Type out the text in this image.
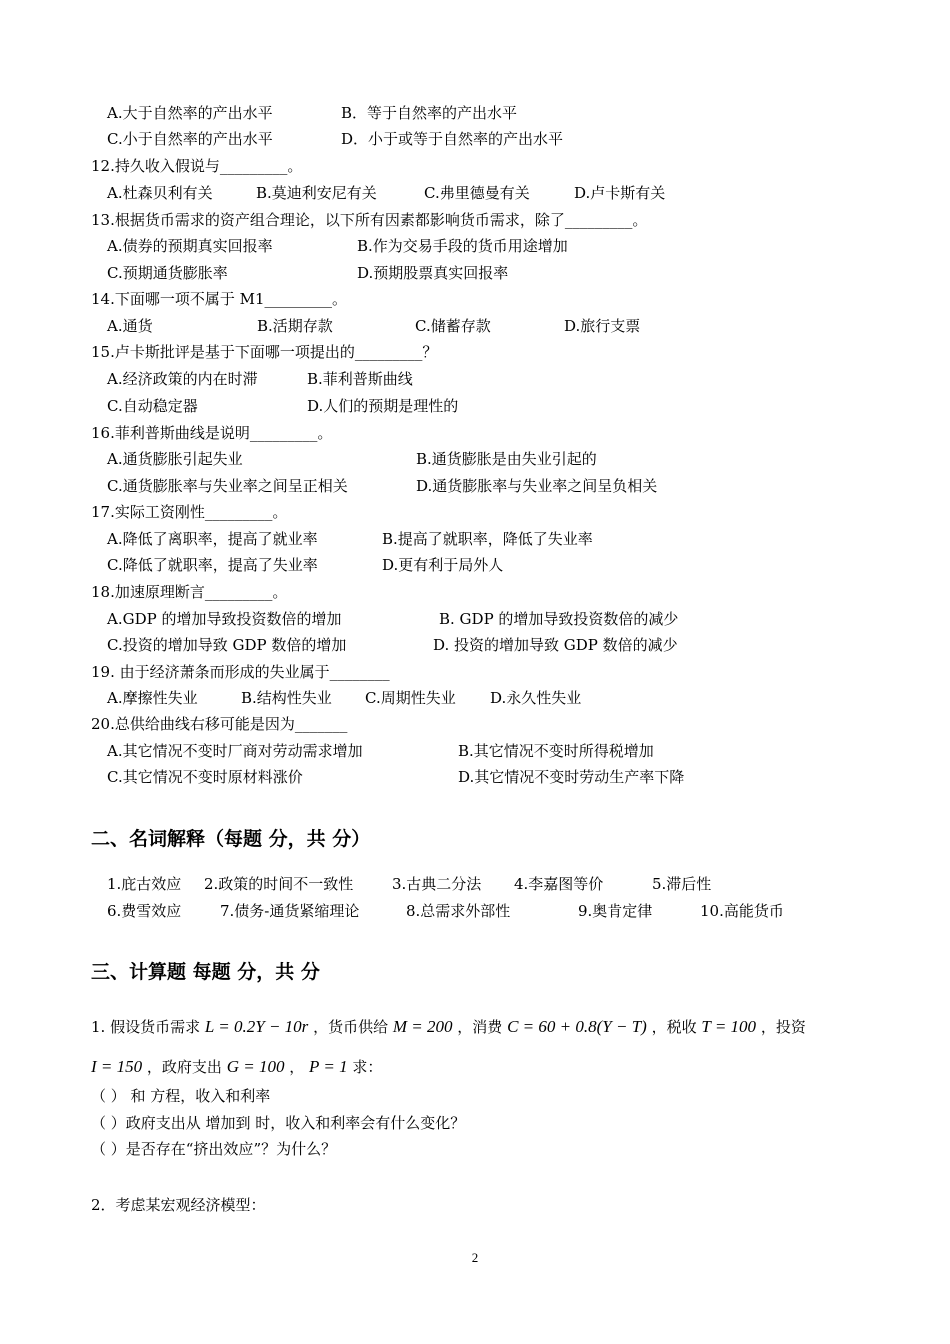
A.大于自然率的产出水平	B．等于自然率的产出水平
C.小于自然率的产出水平	D．小于或等于自然率的产出水平
12.持久收入假说与_________。
A.杜森贝利有关	B.莫迪利安尼有关	C.弗里德曼有关	D.卢卡斯有关
13.根据货币需求的资产组合理论，以下所有因素都影响货币需求，除了_________。
A.债券的预期真实回报率	B.作为交易手段的货币用途增加
C.预期通货膨胀率	D.预期股票真实回报率
14.下面哪一项不属于 M1_________。
A.通货	B.活期存款	C.储蓄存款	D.旅行支票
15.卢卡斯批评是基于下面哪一项提出的_________？
A.经济政策的内在时滞	B.菲利普斯曲线
C.自动稳定器	D.人们的预期是理性的
16.菲利普斯曲线是说明_________。
A.通货膨胀引起失业	B.通货膨胀是由失业引起的
C.通货膨胀率与失业率之间呈正相关	D.通货膨胀率与失业率之间呈负相关
17.实际工资刚性_________。
A.降低了离职率，提高了就业率	B.提高了就职率，降低了失业率
C.降低了就职率，提高了失业率	D.更有利于局外人
18.加速原理断言_________。
A.GDP 的增加导致投资数倍的增加	B. GDP 的增加导致投资数倍的减少
C.投资的增加导致 GDP 数倍的增加	D. 投资的增加导致 GDP 数倍的减少
19. 由于经济萧条而形成的失业属于________
A.摩擦性失业	B.结构性失业 C.周期性失业 D.永久性失业
20.总供给曲线右移可能是因为_______
A.其它情况不变时厂商对劳动需求增加	B.其它情况不变时所得税增加
C.其它情况不变时原材料涨价	D.其它情况不变时劳动生产率下降
二、名词解释（每题 分，共 分）
1.庇古效应 2.政策的时间不一致性	3.古典二分法 4.李嘉图等价	5.滞后性
6.费雪效应	7.债务-通货紧缩理论	8.总需求外部性	9.奥肯定律	10.高能货币
三、计算题 每题 分，共 分
1. 假设货币需求 L = 0.2Y − 10r ，货币供给 M = 200 ，消费 C = 60 + 0.8(Y − T) ，税收 T = 100 ，投资
I = 150 ，政府支出 G = 100 ， P = 1 求：
（ ） 和 方程，收入和利率
（ ）政府支出从 增加到 时，收入和利率会有什么变化？
（ ）是否存在“挤出效应”？为什么？
2．考虑某宏观经济模型：
2
